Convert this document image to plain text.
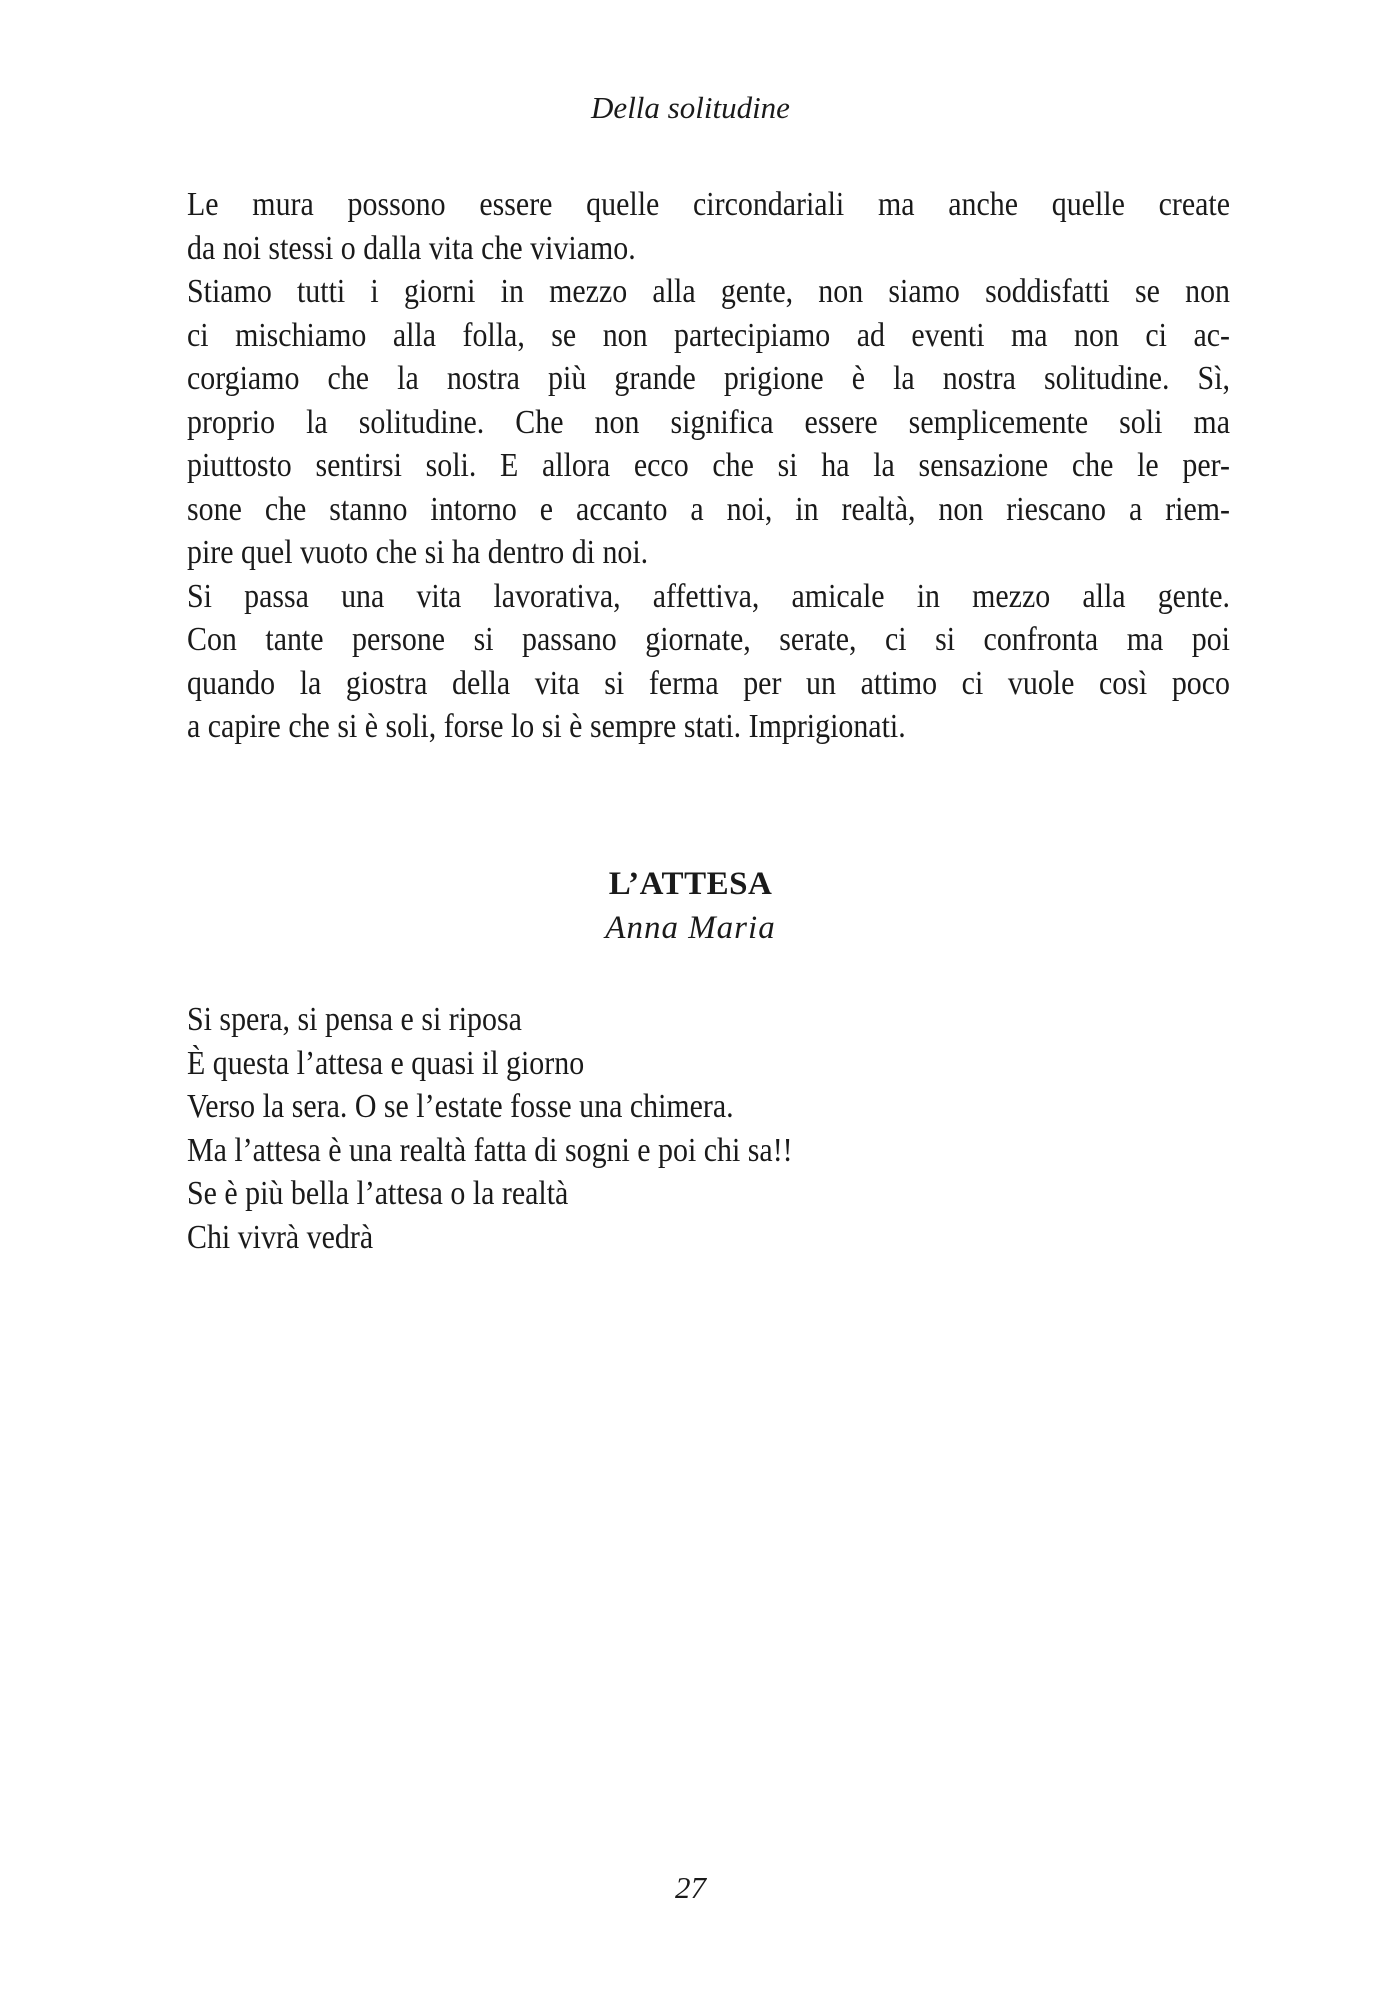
Della solitudine
Le mura possono essere quelle circondariali ma anche quelle create
da noi stessi o dalla vita che viviamo.
Stiamo tutti i giorni in mezzo alla gente, non siamo soddisfatti se non
ci mischiamo alla folla, se non partecipiamo ad eventi ma non ci ac-
corgiamo che la nostra più grande prigione è la nostra solitudine. Sì,
proprio la solitudine. Che non significa essere semplicemente soli ma
piuttosto sentirsi soli. E allora ecco che si ha la sensazione che le per-
sone che stanno intorno e accanto a noi, in realtà, non riescano a riem-
pire quel vuoto che si ha dentro di noi.
Si passa una vita lavorativa, affettiva, amicale in mezzo alla gente.
Con tante persone si passano giornate, serate, ci si confronta ma poi
quando la giostra della vita si ferma per un attimo ci vuole così poco
a capire che si è soli, forse lo si è sempre stati. Imprigionati.
L’ATTESA
Anna Maria
Si spera, si pensa e si riposa
È questa l’attesa e quasi il giorno
Verso la sera. O se l’estate fosse una chimera.
Ma l’attesa è una realtà fatta di sogni e poi chi sa!!
Se è più bella l’attesa o la realtà
Chi vivrà vedrà
27
